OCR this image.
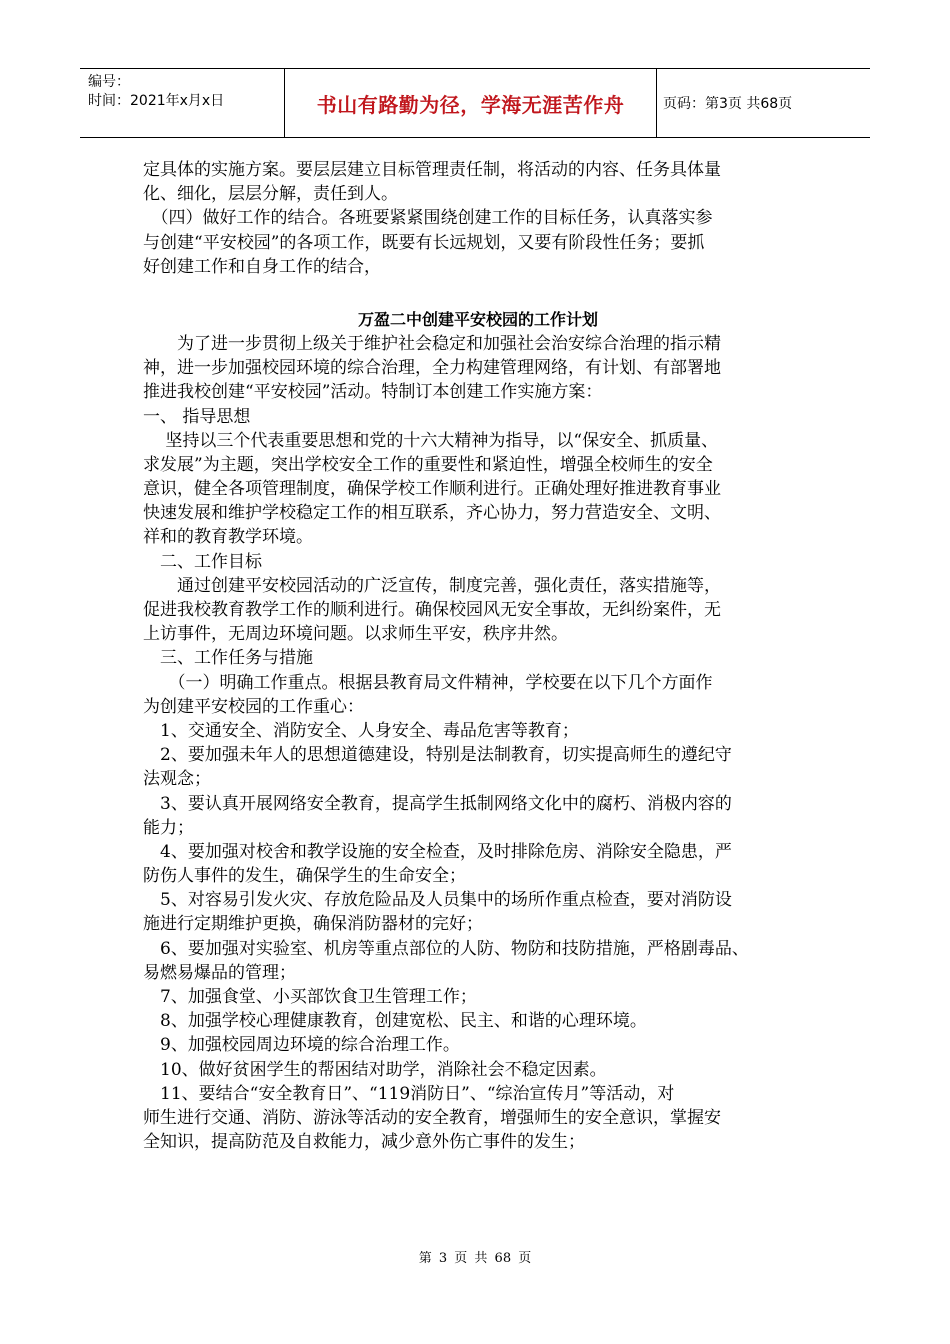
编号：
时间：2021年x月x日	书山有路勤为径，学海无涯苦作舟	页码：第3页 共68页
定具体的实施方案。要层层建立目标管理责任制，将活动的内容、任务具体量
化、细化，层层分解，责任到人。
　（四）做好工作的结合。各班要紧紧围绕创建工作的目标任务，认真落实参
与创建“平安校园”的各项工作，既要有长远规划，又要有阶段性任务；要抓
好创建工作和自身工作的结合，
万盈二中创建平安校园的工作计划
　　为了进一步贯彻上级关于维护社会稳定和加强社会治安综合治理的指示精
神，进一步加强校园环境的综合治理，全力构建管理网络，有计划、有部署地
推进我校创建“平安校园”活动。特制订本创建工作实施方案：
一、 指导思想
　 坚持以三个代表重要思想和党的十六大精神为指导，以“保安全、抓质量、
求发展”为主题，突出学校安全工作的重要性和紧迫性，增强全校师生的安全
意识，健全各项管理制度，确保学校工作顺利进行。正确处理好推进教育事业
快速发展和维护学校稳定工作的相互联系，齐心协力，努力营造安全、文明、
祥和的教育教学环境。
　二、工作目标
　　通过创建平安校园活动的广泛宣传，制度完善，强化责任，落实措施等，
促进我校教育教学工作的顺利进行。确保校园风无安全事故，无纠纷案件，无
上访事件，无周边环境问题。以求师生平安，秩序井然。
　三、工作任务与措施
　　（一）明确工作重点。根据县教育局文件精神，学校要在以下几个方面作
为创建平安校园的工作重心：
　1、交通安全、消防安全、人身安全、毒品危害等教育；
　2、要加强未年人的思想道德建设，特别是法制教育，切实提高师生的遵纪守
法观念；
　3、要认真开展网络安全教育，提高学生抵制网络文化中的腐朽、消极内容的
能力；
　4、要加强对校舍和教学设施的安全检查，及时排除危房、消除安全隐患，严
防伤人事件的发生，确保学生的生命安全；
　5、对容易引发火灾、存放危险品及人员集中的场所作重点检查，要对消防设
施进行定期维护更换，确保消防器材的完好；
　6、要加强对实验室、机房等重点部位的人防、物防和技防措施，严格剧毒品、
易燃易爆品的管理；
　7、加强食堂、小买部饮食卫生管理工作；
　8、加强学校心理健康教育，创建宽松、民主、和谐的心理环境。
　9、加强校园周边环境的综合治理工作。
　10、做好贫困学生的帮困结对助学，消除社会不稳定因素。
　11、要结合“安全教育日”、“119消防日”、“综治宣传月”等活动，对
师生进行交通、消防、游泳等活动的安全教育，增强师生的安全意识，掌握安
全知识，提高防范及自救能力，减少意外伤亡事件的发生；
第 3 页 共 68 页
